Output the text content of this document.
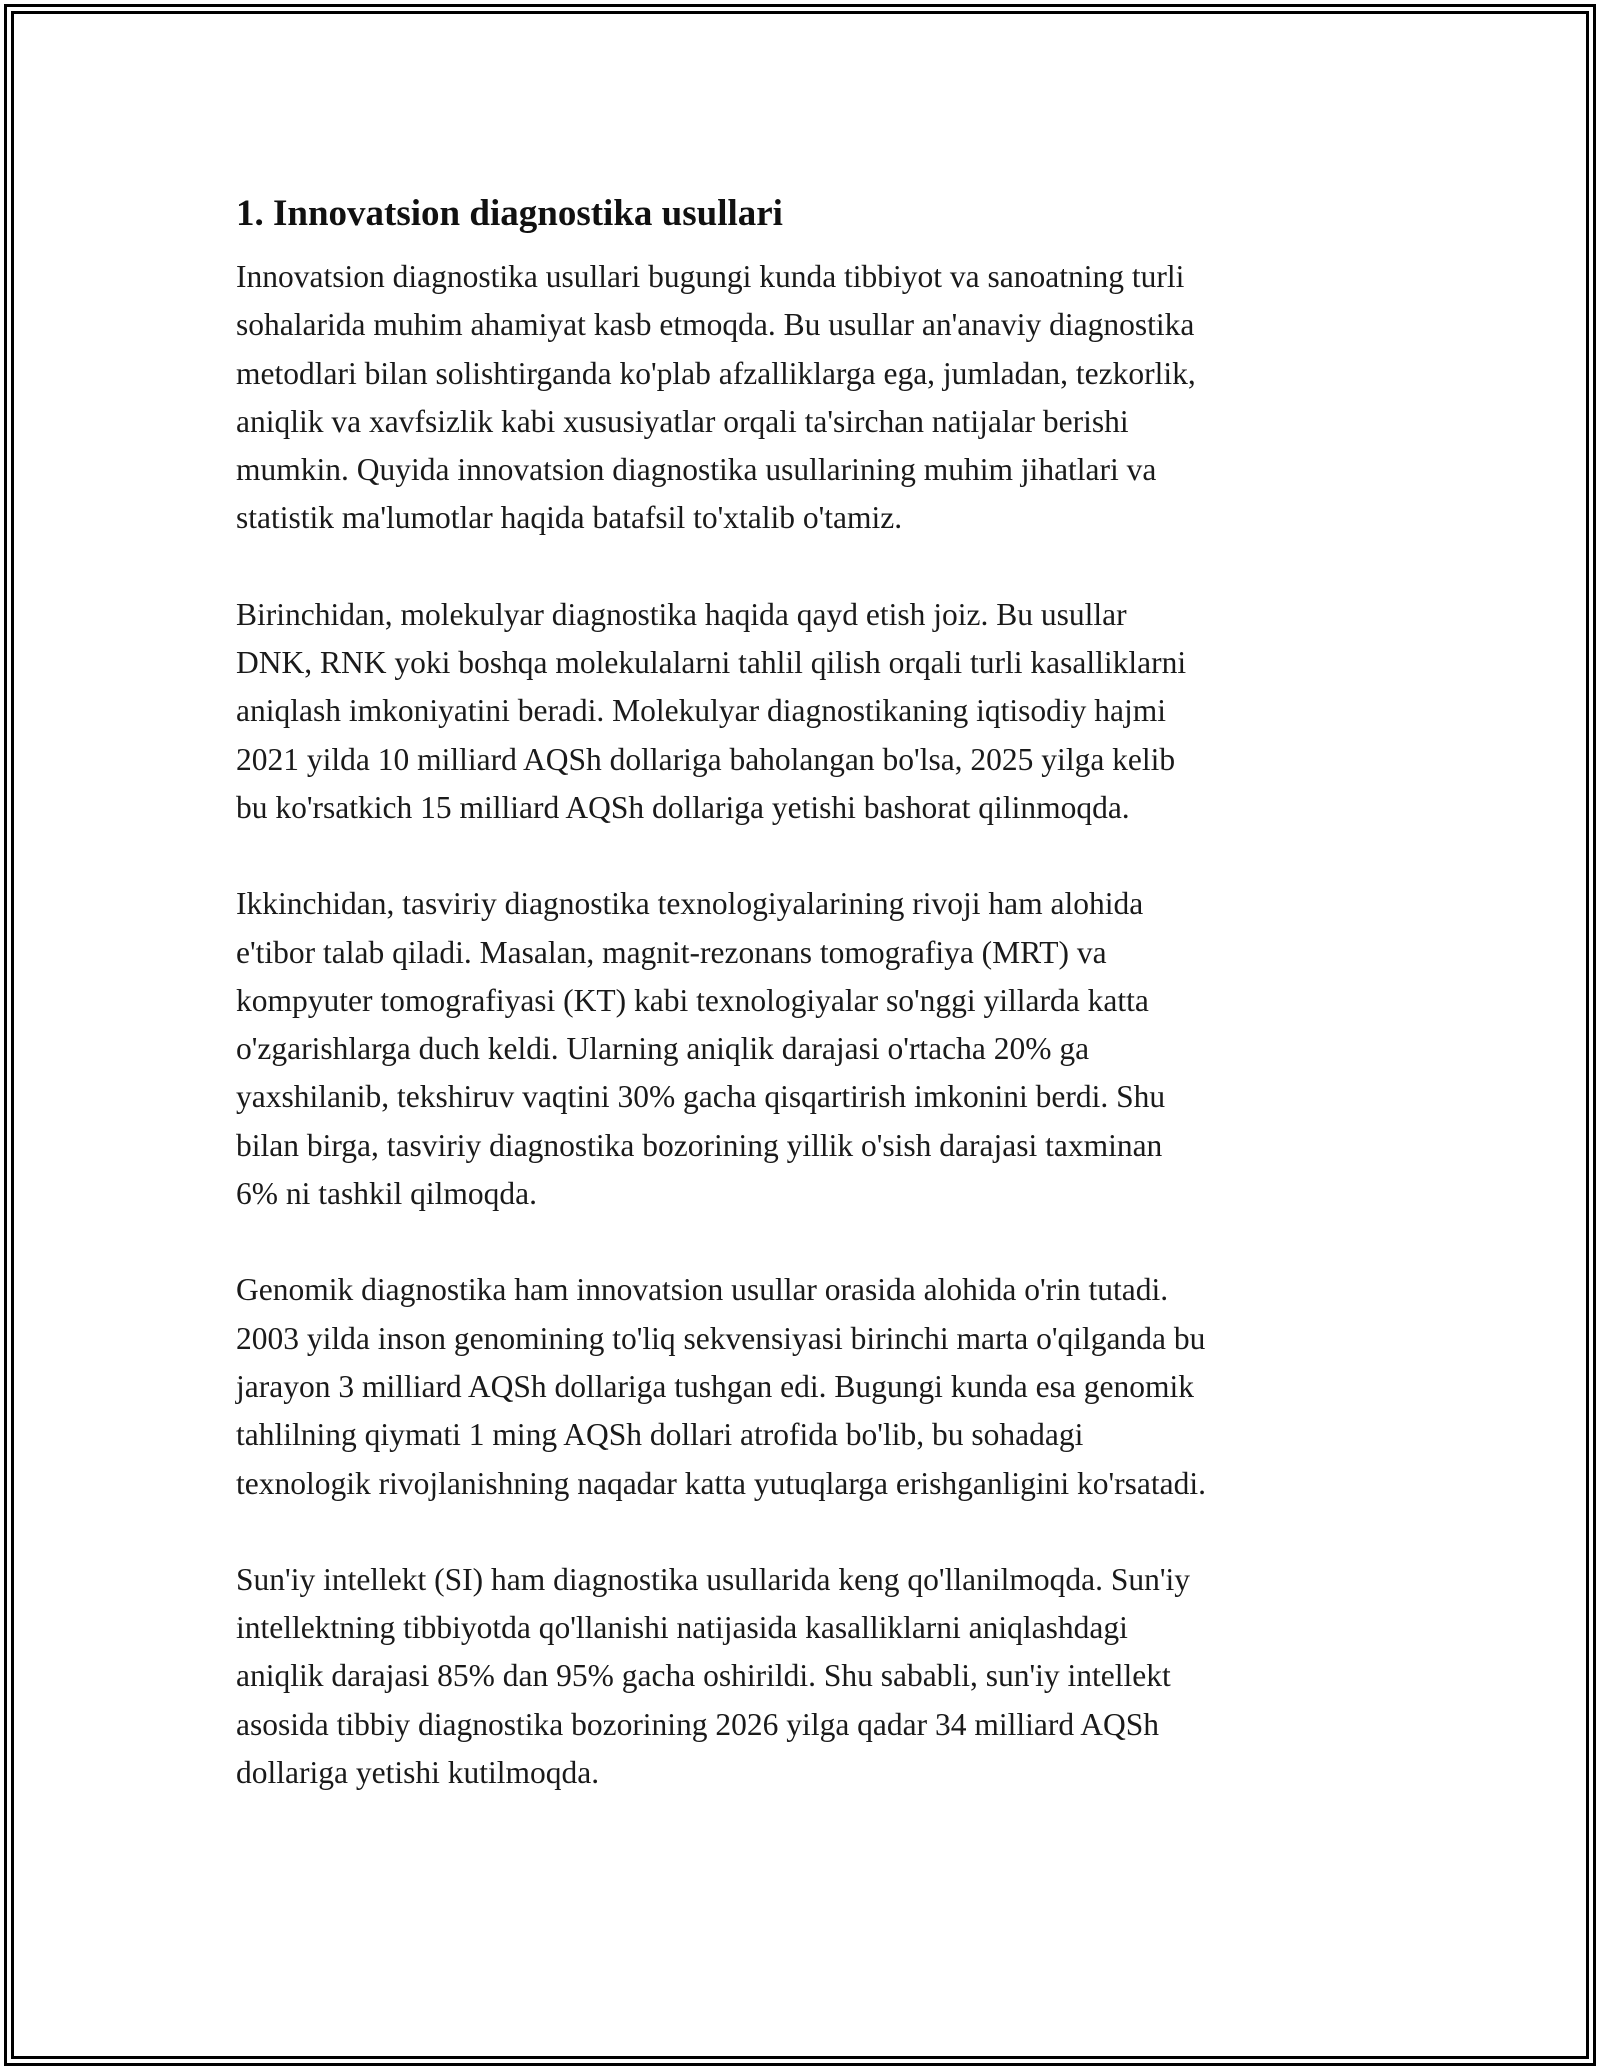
1. Innovatsion diagnostika usullari

Innovatsion diagnostika usullari bugungi kunda tibbiyot va sanoatning turli
sohalarida muhim ahamiyat kasb etmoqda. Bu usullar an'anaviy diagnostika
metodlari bilan solishtirganda ko'plab afzalliklarga ega, jumladan, tezkorlik,
aniqlik va xavfsizlik kabi xususiyatlar orqali ta'sirchan natijalar berishi
mumkin. Quyida innovatsion diagnostika usullarining muhim jihatlari va
statistik ma'lumotlar haqida batafsil to'xtalib o'tamiz.

Birinchidan, molekulyar diagnostika haqida qayd etish joiz. Bu usullar
DNK, RNK yoki boshqa molekulalarni tahlil qilish orqali turli kasalliklarni
aniqlash imkoniyatini beradi. Molekulyar diagnostikaning iqtisodiy hajmi
2021 yilda 10 milliard AQSh dollariga baholangan bo'lsa, 2025 yilga kelib
bu ko'rsatkich 15 milliard AQSh dollariga yetishi bashorat qilinmoqda.

Ikkinchidan, tasviriy diagnostika texnologiyalarining rivoji ham alohida
e'tibor talab qiladi. Masalan, magnit-rezonans tomografiya (MRT) va
kompyuter tomografiyasi (KT) kabi texnologiyalar so'nggi yillarda katta
o'zgarishlarga duch keldi. Ularning aniqlik darajasi o'rtacha 20% ga
yaxshilanib, tekshiruv vaqtini 30% gacha qisqartirish imkonini berdi. Shu
bilan birga, tasviriy diagnostika bozorining yillik o'sish darajasi taxminan
6% ni tashkil qilmoqda.

Genomik diagnostika ham innovatsion usullar orasida alohida o'rin tutadi.
2003 yilda inson genomining to'liq sekvensiyasi birinchi marta o'qilganda bu
jarayon 3 milliard AQSh dollariga tushgan edi. Bugungi kunda esa genomik
tahlilning qiymati 1 ming AQSh dollari atrofida bo'lib, bu sohadagi
texnologik rivojlanishning naqadar katta yutuqlarga erishganligini ko'rsatadi.

Sun'iy intellekt (SI) ham diagnostika usullarida keng qo'llanilmoqda. Sun'iy
intellektning tibbiyotda qo'llanishi natijasida kasalliklarni aniqlashdagi
aniqlik darajasi 85% dan 95% gacha oshirildi. Shu sababli, sun'iy intellekt
asosida tibbiy diagnostika bozorining 2026 yilga qadar 34 milliard AQSh
dollariga yetishi kutilmoqda.
